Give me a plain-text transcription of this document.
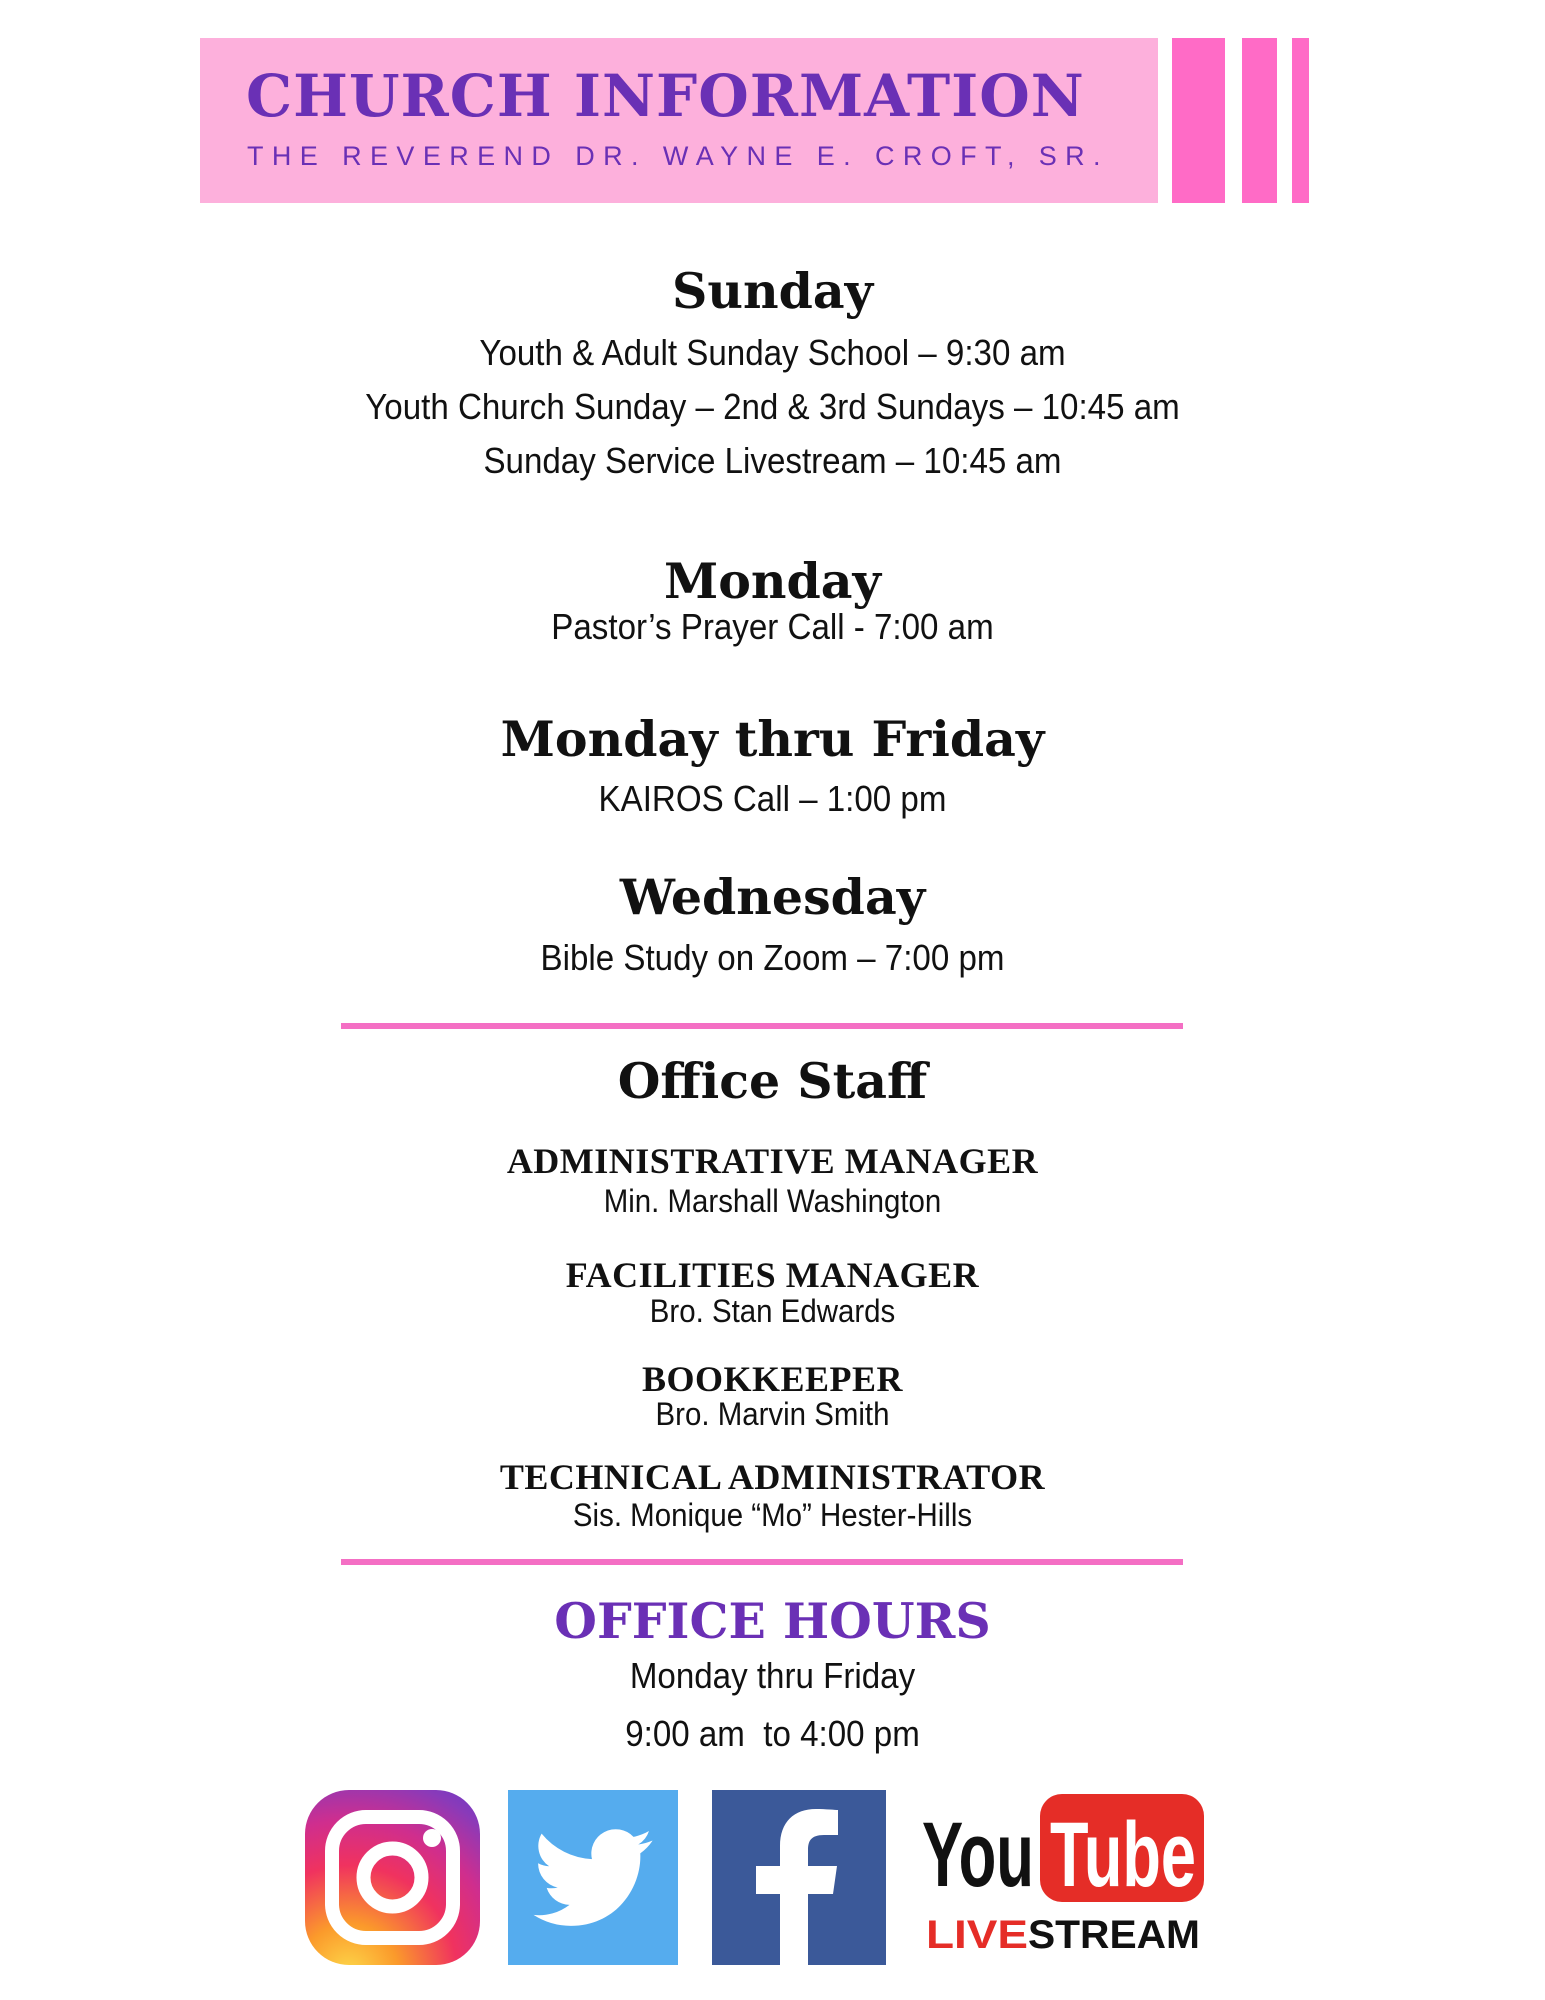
CHURCH INFORMATION
THE REVEREND DR. WAYNE E. CROFT, SR.
Sunday
Youth & Adult Sunday School – 9:30 am
Youth Church Sunday – 2nd & 3rd Sundays – 10:45 am
Sunday Service Livestream – 10:45 am
Monday
Pastor’s Prayer Call - 7:00 am
Monday thru Friday
KAIROS Call – 1:00 pm
Wednesday
Bible Study on Zoom – 7:00 pm
Office Staff
ADMINISTRATIVE MANAGER
Min. Marshall Washington
FACILITIES MANAGER
Bro. Stan Edwards
BOOKKEEPER
Bro. Marvin Smith
TECHNICAL ADMINISTRATOR
Sis. Monique “Mo” Hester-Hills
OFFICE HOURS
Monday thru Friday
9:00 am  to 4:00 pm
You Tube
LIVE STREAM
